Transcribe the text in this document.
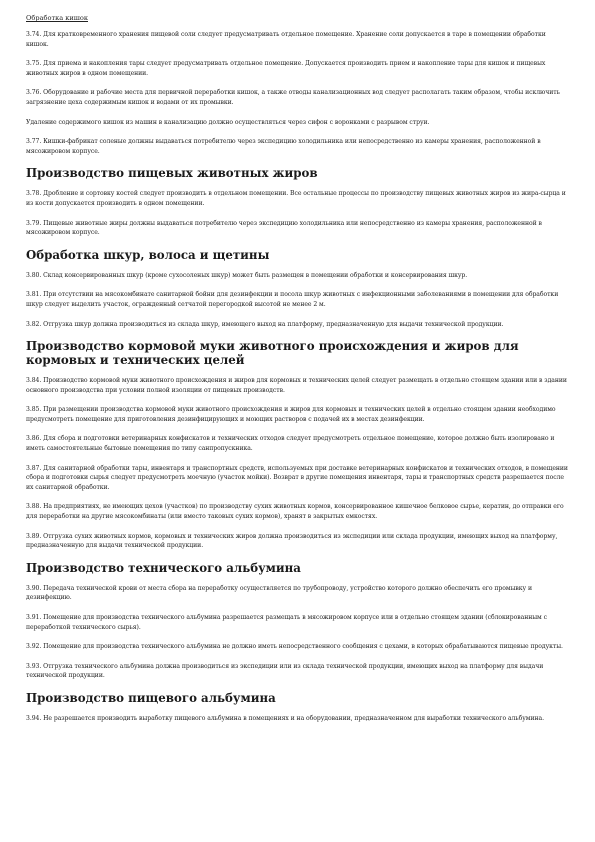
Обработка кишок

3.74. Для кратковременного хранения пищевой соли следует предусматривать отдельное помещение. Хранение соли допускается в таре в помещении обработки кишок.

3.75. Для приема и накопления тары следует предусматривать отдельное помещение. Допускается производить прием и накопление тары для кишок и пищевых животных жиров в одном помещении.

3.76. Оборудование и рабочие места для первичной переработки кишок, а также отводы канализационных вод следует располагать таким образом, чтобы исключить загрязнение цеха содержимым кишок и водами от их промывки.

Удаление содержимого кишок из машин в канализацию должно осуществляться через сифон с воронками с разрывом струи.

3.77. Кишки-фабрикат соленые должны выдаваться потребителю через экспедицию холодильника или непосредственно из камеры хранения, расположенной в мясожировом корпусе.

Производство пищевых животных жиров

3.78. Дробление и сортовку костей следует производить в отдельном помещении. Все остальные процессы по производству пищевых животных жиров из жира-сырца и из кости допускается производить в одном помещении.

3.79. Пищевые животные жиры должны выдаваться потребителю через экспедицию холодильника или непосредственно из камеры хранения, расположенной в мясожировом корпусе.

Обработка шкур, волоса и щетины

3.80. Склад консервированных шкур (кроме сухосоленых шкур) может быть размещен в помещении обработки и консервирования шкур.

3.81. При отсутствии на мясокомбинате санитарной бойни для дезинфекции и посола шкур животных с инфекционными заболеваниями в помещении для обработки шкур следует выделить участок, огражденный сетчатой перегородкой высотой не менее 2 м.

3.82. Отгрузка шкур должна производиться из склада шкур, имеющего выход на платформу, предназначенную для выдачи технической продукции.

Производство кормовой муки животного происхождения и жиров для кормовых и технических целей

3.84. Производство кормовой муки животного происхождения и жиров для кормовых и технических целей следует размещать в отдельно стоящем здании или в здании основного производства при условии полной изоляции от пищевых производств.

3.85. При размещении производства кормовой муки животного происхождения и жиров для кормовых и технических целей в отдельно стоящем здании необходимо предусмотреть помещение для приготовления дезинфицирующих и моющих растворов с подачей их в местах дезинфекции.

3.86. Для сбора и подготовки ветеринарных конфискатов и технических отходов следует предусмотреть отдельное помещение, которое должно быть изолировано и иметь самостоятельные бытовые помещения по типу санпропускника.

3.87. Для санитарной обработки тары, инвентаря и транспортных средств, используемых при доставке ветеринарных конфискатов и технических отходов, в помещении сбора и подготовки сырья следует предусмотреть моечную (участок мойки). Возврат в другие помещения инвентаря, тары и транспортных средств разрешается после их санитарной обработки.

3.88. На предприятиях, не имеющих цехов (участков) по производству сухих животных кормов, консервированное кишечное белковое сырье, кератин, до отправки его для переработки на другие мясокомбинаты (или вместо таковых сухих кормов), хранят в закрытых емкостях.

3.89. Отгрузка сухих животных кормов, кормовых и технических жиров должна производиться из экспедиции или склада продукции, имеющих выход на платформу, предназначенную для выдачи технической продукции.

Производство технического альбумина

3.90. Передача технической крови от места сбора на переработку осуществляется по трубопроводу, устройство которого должно обеспечить его промывку и дезинфекцию.

3.91. Помещение для производства технического альбумина разрешается размещать в мясожировом корпусе или в отдельно стоящем здании (сблокированным с переработкой технического сырья).

3.92. Помещение для производства технического альбумина не должно иметь непосредственного сообщения с цехами, в которых обрабатываются пищевые продукты.

3.93. Отгрузка технического альбумина должна производиться из экспедиции или из склада технической продукции, имеющих выход на платформу для выдачи технической продукции.

Производство пищевого альбумина

3.94. Не разрешается производить выработку пищевого альбумина в помещениях и на оборудовании, предназначенном для выработки технического альбумина.
